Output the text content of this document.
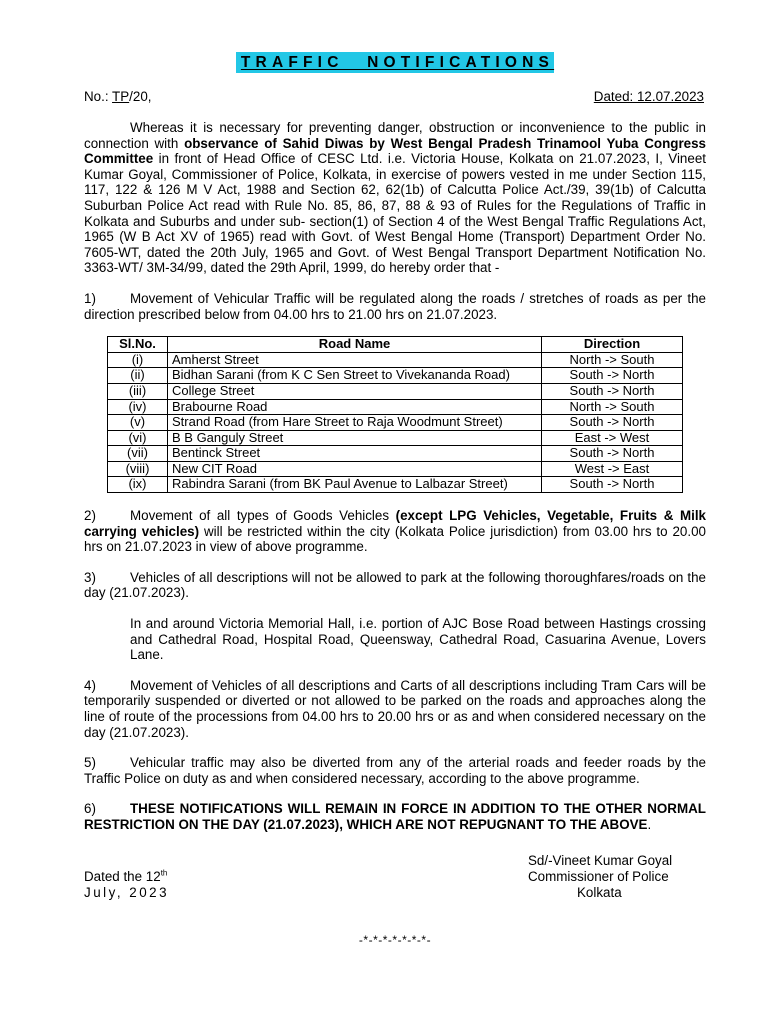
TRAFFIC NOTIFICATIONS
No.: TP/20,	Dated: 12.07.2023

Whereas it is necessary for preventing danger, obstruction or inconvenience to the public in connection with observance of Sahid Diwas by West Bengal Pradesh Trinamool Yuba Congress Committee in front of Head Office of CESC Ltd. i.e. Victoria House, Kolkata on 21.07.2023, I, Vineet Kumar Goyal, Commissioner of Police, Kolkata, in exercise of powers vested in me under Section 115, 117, 122 & 126 M V Act, 1988 and Section 62, 62(1b) of Calcutta Police Act./39, 39(1b) of Calcutta Suburban Police Act read with Rule No. 85, 86, 87, 88 & 93 of Rules for the Regulations of Traffic in Kolkata and Suburbs and under sub- section(1) of Section 4 of the West Bengal Traffic Regulations Act, 1965 (W B Act XV of 1965) read with Govt. of West Bengal Home (Transport) Department Order No. 7605-WT, dated the 20th July, 1965 and Govt. of West Bengal Transport Department Notification No. 3363-WT/ 3M-34/99, dated the 29th April, 1999, do hereby order that -

1)	Movement of Vehicular Traffic will be regulated along the roads / stretches of roads as per the direction prescribed below from 04.00 hrs to 21.00 hrs on 21.07.2023.

Sl.No.	Road Name	Direction
(i)	Amherst Street	North -> South
(ii)	Bidhan Sarani (from K C Sen Street to Vivekananda Road)	South -> North
(iii)	College Street	South -> North
(iv)	Brabourne Road	North -> South
(v)	Strand Road (from Hare Street to Raja Woodmunt Street)	South -> North
(vi)	B B Ganguly Street	East -> West
(vii)	Bentinck Street	South -> North
(viii)	New CIT Road	West -> East
(ix)	Rabindra Sarani (from BK Paul Avenue to Lalbazar Street)	South -> North

2)	Movement of all types of Goods Vehicles (except LPG Vehicles, Vegetable, Fruits & Milk carrying vehicles) will be restricted within the city (Kolkata Police jurisdiction) from 03.00 hrs to 20.00 hrs on 21.07.2023 in view of above programme.

3)	Vehicles of all descriptions will not be allowed to park at the following thoroughfares/roads on the day (21.07.2023).

In and around Victoria Memorial Hall, i.e. portion of AJC Bose Road between Hastings crossing and Cathedral Road, Hospital Road, Queensway, Cathedral Road, Casuarina Avenue, Lovers Lane.

4)	Movement of Vehicles of all descriptions and Carts of all descriptions including Tram Cars will be temporarily suspended or diverted or not allowed to be parked on the roads and approaches along the line of route of the processions from 04.00 hrs to 20.00 hrs or as and when considered necessary on the day (21.07.2023).

5)	Vehicular traffic may also be diverted from any of the arterial roads and feeder roads by the Traffic Police on duty as and when considered necessary, according to the above programme.

6)	THESE NOTIFICATIONS WILL REMAIN IN FORCE IN ADDITION TO THE OTHER NORMAL RESTRICTION ON THE DAY (21.07.2023), WHICH ARE NOT REPUGNANT TO THE ABOVE.

Sd/-Vineet Kumar Goyal
Commissioner of Police
Kolkata
Dated the 12th
July, 2023
-*-*-*-*-*-*-*-
